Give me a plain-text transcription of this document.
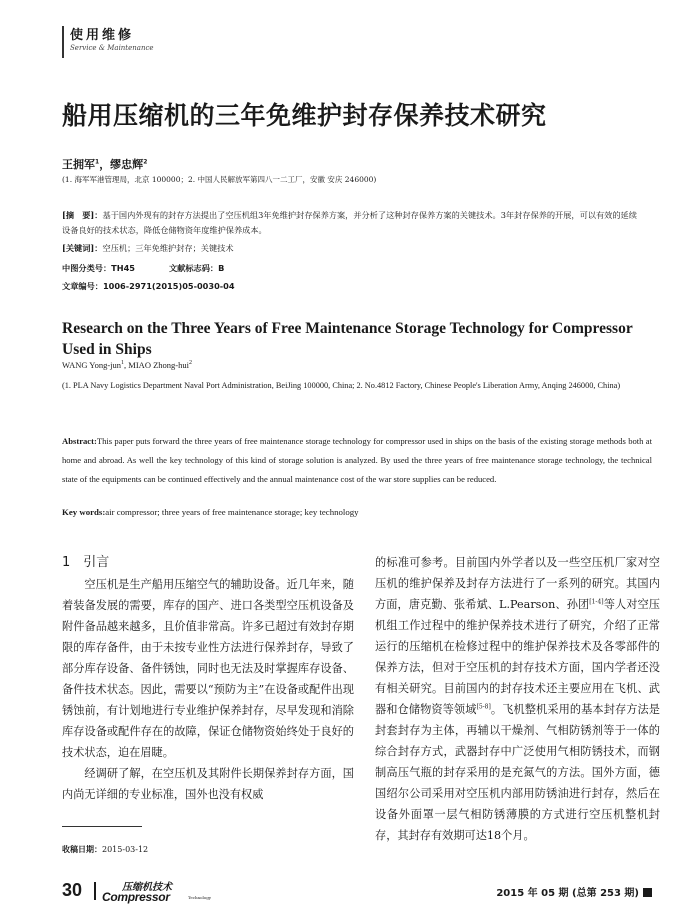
使用维修
Service & Maintenance
船用压缩机的三年免维护封存保养技术研究
王拥军$^1$，缪忠辉$^2$
(1. 海军军港管理局，北京 100000；2. 中国人民解放军第四八一二工厂，安徽 安庆 246000)
[摘　要]：基于国内外现有的封存方法提出了空压机组3年免维护封存保养方案，并分析了这种封存保养方案的关键技术。3年封存保养的开展，可以有效的延续设备良好的技术状态，降低仓储物资年度维护保养成本。
[关键词]：空压机；三年免维护封存；关键技术
中图分类号：TH45	文献标志码：B
文章编号：1006-2971(2015)05-0030-04
Research on the Three Years of Free Maintenance Storage Technology for Compressor Used in Ships
WANG Yong-jun$^1$, MIAO Zhong-hui$^2$
(1. PLA Navy Logistics Department Naval Port Administration, BeiJing 100000, China; 2. No.4812 Factory, Chinese People's Liberation Army, Anqing 246000, China)
Abstract:This paper puts forward the three years of free maintenance storage technology for compressor used in ships on the basis of the existing storage methods both at home and abroad. As well the key technology of this kind of storage solution is analyzed. By used the three years of free maintenance storage technology, the technical state of the equipments can be continued effectively and the annual maintenance cost of the war store supplies can be reduced.
Key words:air compressor; three years of free maintenance storage; key technology
1　引言

空压机是生产船用压缩空气的辅助设备。近几年来，随着装备发展的需要，库存的国产、进口各类型空压机设备及附件备品越来越多，且价值非常高。许多已超过有效封存期限的库存备件，由于未按专业性方法进行保养封存，导致了部分库存设备、备件锈蚀，同时也无法及时掌握库存设备、备件技术状态。因此，需要以“预防为主”在设备或配件出现锈蚀前，有计划地进行专业维护保养封存，尽早发现和消除库存设备或配件存在的故障，保证仓储物资始终处于良好的技术状态，迫在眉睫。

经调研了解，在空压机及其附件长期保养封存方面，国内尚无详细的专业标准，国外也没有权威

的标准可参考。目前国内外学者以及一些空压机厂家对空压机的维护保养及封存方法进行了一系列的研究。其国内方面，唐克勤、张希斌、L.Pearson、孙团[1-4]等人对空压机组工作过程中的维护保养技术进行了研究，介绍了正常运行的压缩机在检修过程中的维护保养技术及各零部件的保养方法，但对于空压机的封存技术方面，国内学者还没有相关研究。目前国内的封存技术还主要应用在飞机、武器和仓储物资等领域[5-8]。飞机整机采用的基本封存方法是封套封存为主体，再辅以干燥剂、气相防锈剂等于一体的综合封存方式，武器封存中广泛使用气相防锈技术，而钢制高压气瓶的封存采用的是充氮气的方法。国外方面，德国绍尔公司采用对空压机内部用防锈油进行封存，然后在设备外面罩一层气相防锈薄膜的方式进行空压机整机封存，其封存有效期可达18个月。

收稿日期：2015-03-12
30	压缩机技术
Compressor	Technology	2015 年 05 期 (总第 253 期)
